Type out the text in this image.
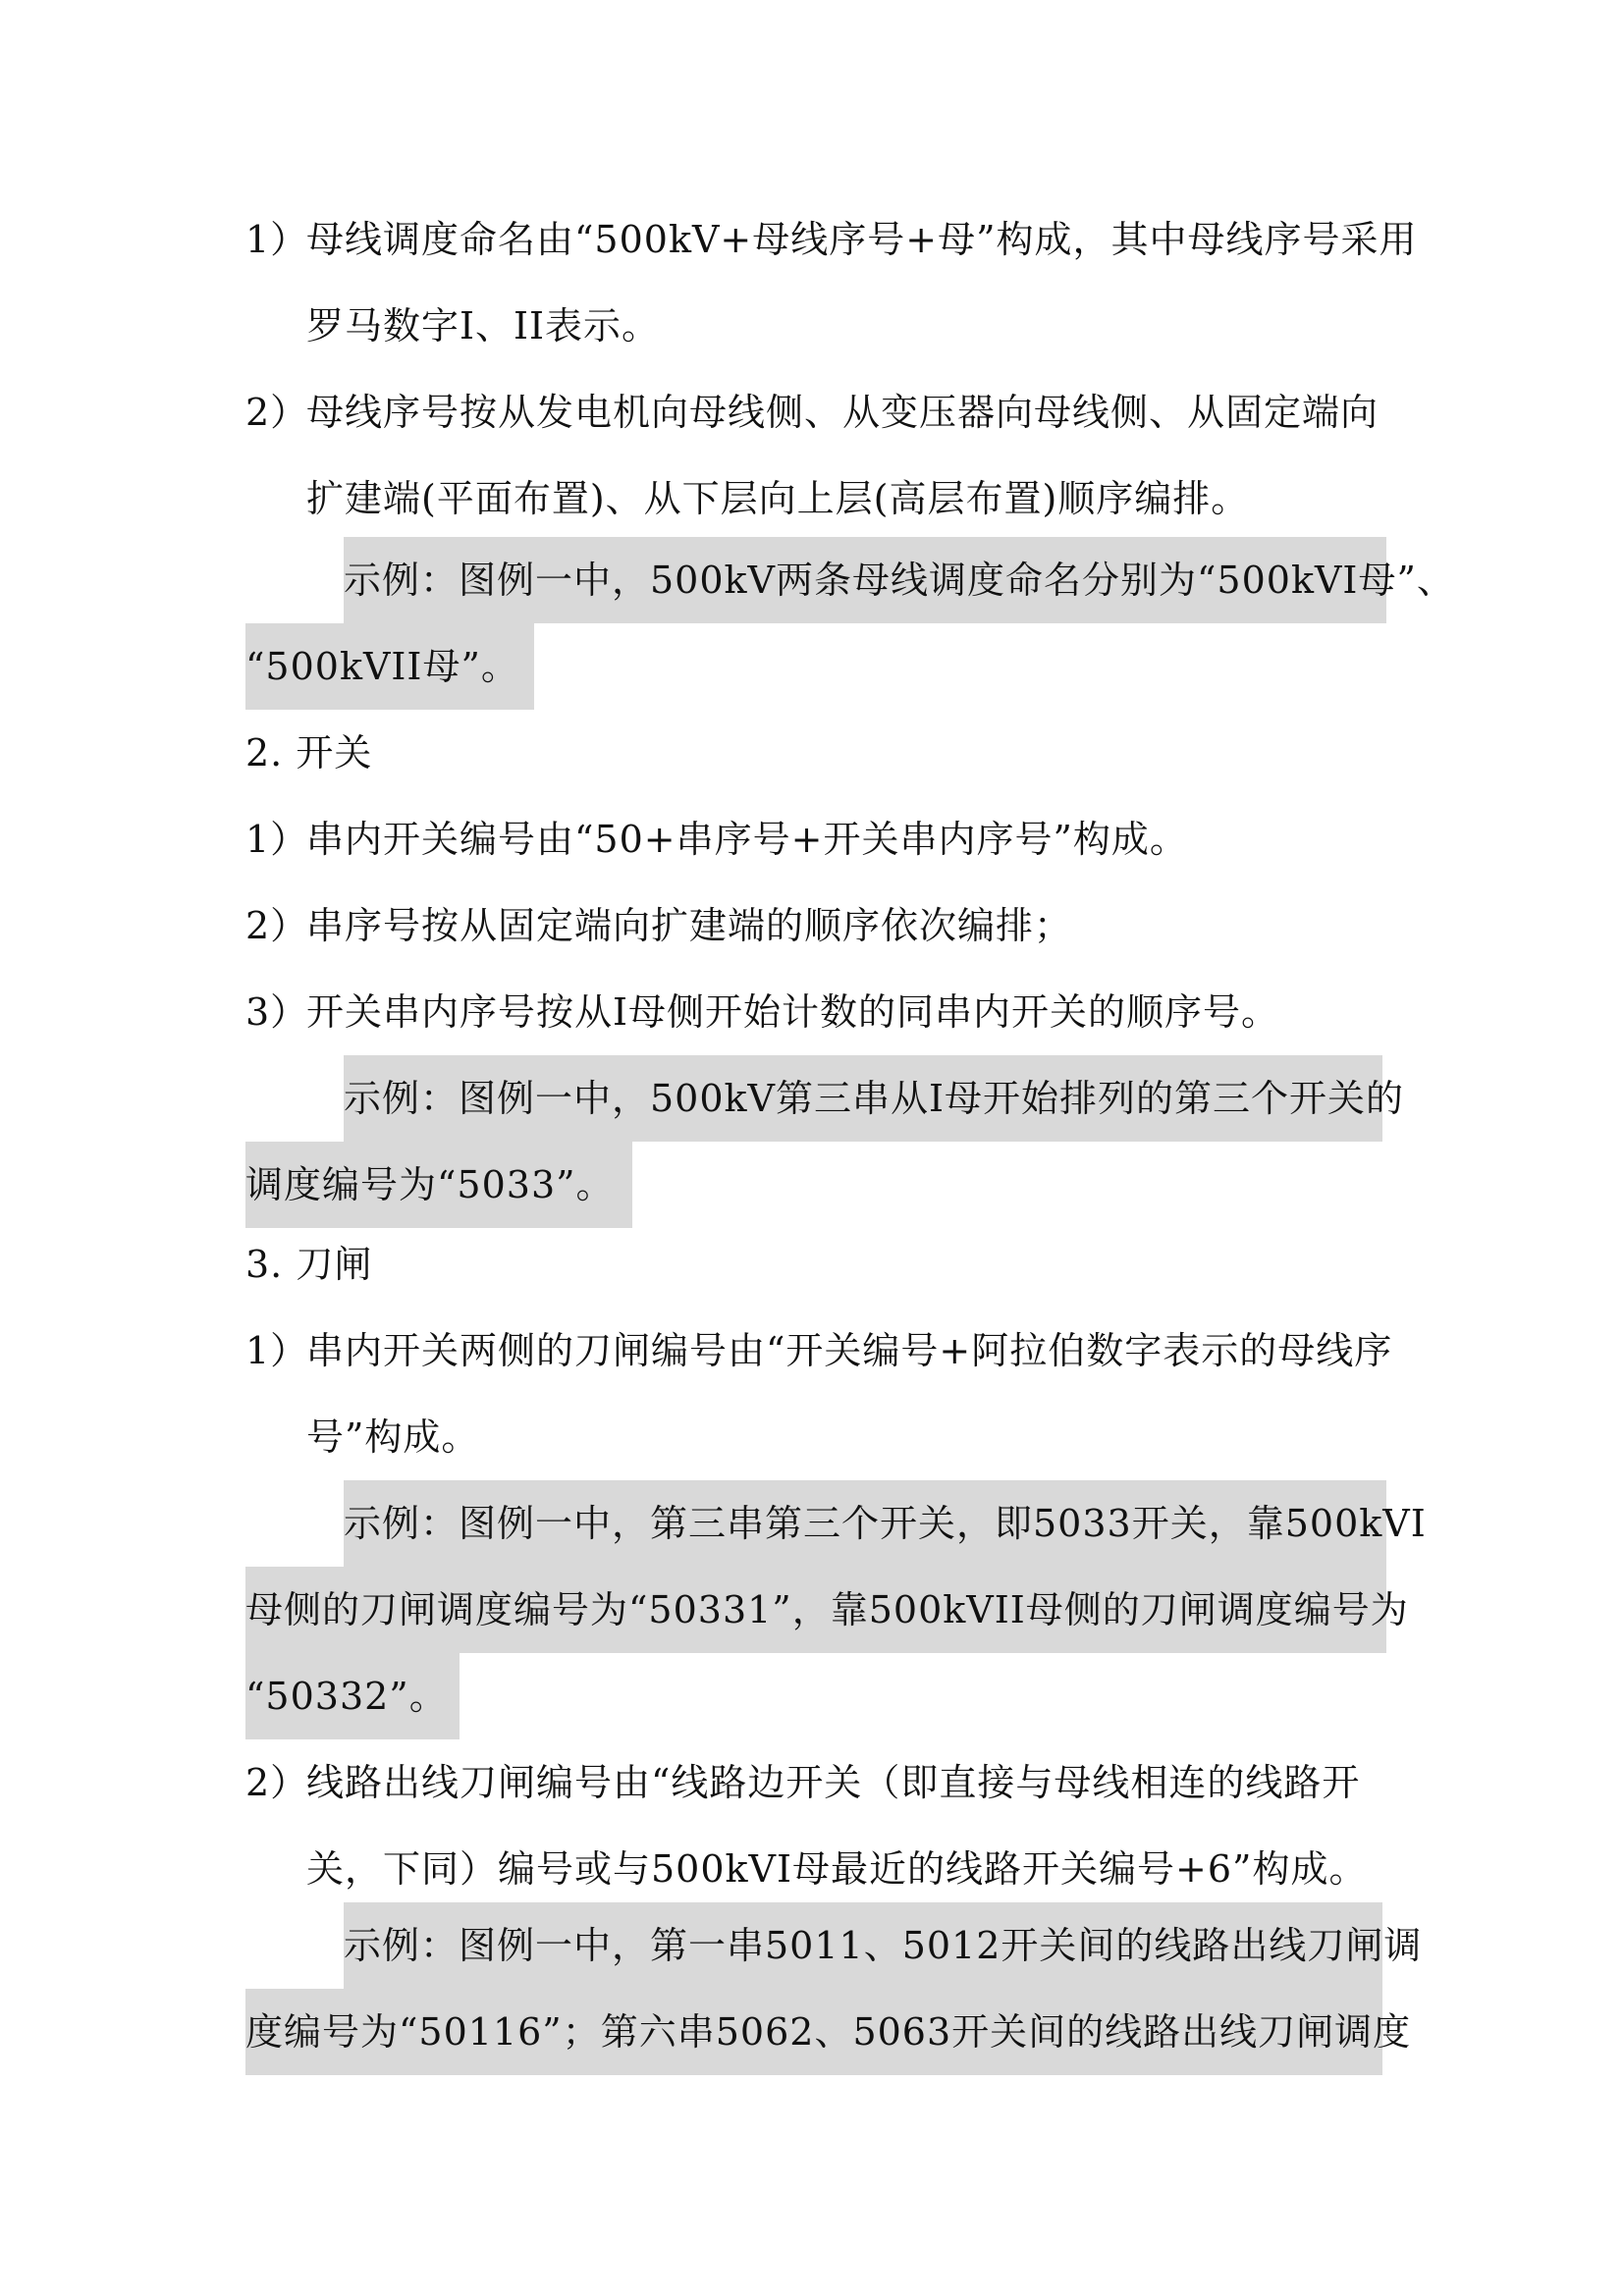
1）母线调度命名由“500kV+母线序号+母”构成，其中母线序号采用
罗马数字I、II表示。
2）母线序号按从发电机向母线侧、从变压器向母线侧、从固定端向
扩建端(平面布置)、从下层向上层(高层布置)顺序编排。
示例：图例一中，500kV两条母线调度命名分别为“500kVI母”、
“500kVII母”。
2. 开关
1）串内开关编号由“50+串序号+开关串内序号”构成。
2）串序号按从固定端向扩建端的顺序依次编排；
3）开关串内序号按从I母侧开始计数的同串内开关的顺序号。
示例：图例一中，500kV第三串从I母开始排列的第三个开关的
调度编号为“5033”。
3. 刀闸
1）串内开关两侧的刀闸编号由“开关编号+阿拉伯数字表示的母线序
号”构成。
示例：图例一中，第三串第三个开关，即5033开关，靠500kVI
母侧的刀闸调度编号为“50331”，靠500kVII母侧的刀闸调度编号为
“50332”。
2）线路出线刀闸编号由“线路边开关（即直接与母线相连的线路开
关，下同）编号或与500kVI母最近的线路开关编号+6”构成。
示例：图例一中，第一串5011、5012开关间的线路出线刀闸调
度编号为“50116”；第六串5062、5063开关间的线路出线刀闸调度
